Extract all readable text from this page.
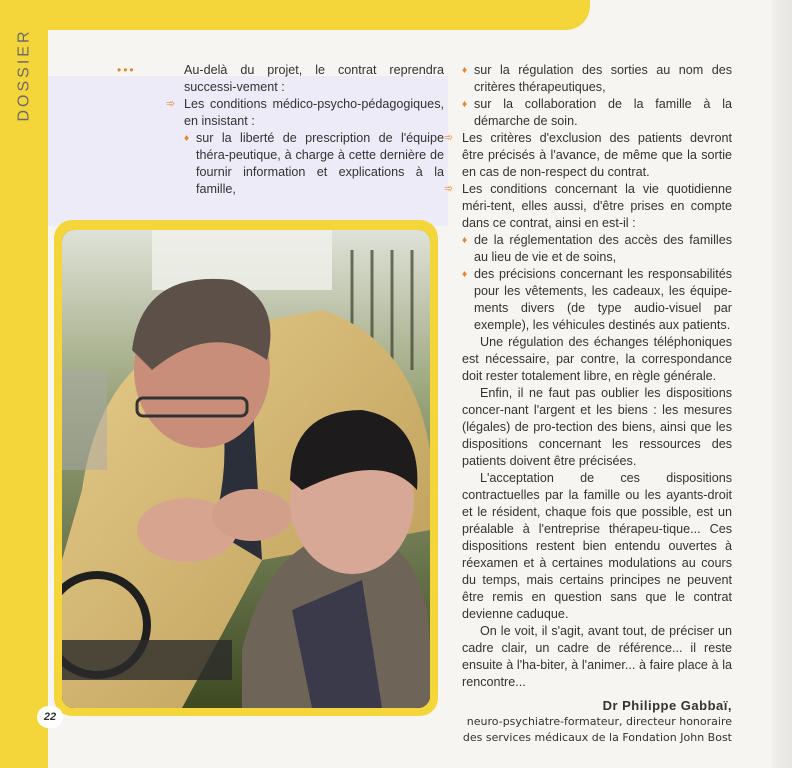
DOSSIER	•••	Au-delà du projet, le contrat reprendra successi-vement :

➾ Les conditions médico-psycho-pédagogiques, en insistant :

♦ sur la liberté de prescription de l'équipe théra-peutique, à charge à cette dernière de fournir information et explications à la famille,

♦ sur la régulation des sorties au nom des critères thérapeutiques,

♦ sur la collaboration de la famille à la démarche de soin.

➾ Les critères d'exclusion des patients devront être précisés à l'avance, de même que la sortie en cas de non-respect du contrat.

➾ Les conditions concernant la vie quotidienne méri-tent, elles aussi, d'être prises en compte dans ce contrat, ainsi en est-il :

♦ de la réglementation des accès des familles au lieu de vie et de soins,

♦ des précisions concernant les responsabilités pour les vêtements, les cadeaux, les équipe-ments divers (de type audio-visuel par exemple), les véhicules destinés aux patients.

Une régulation des échanges téléphoniques est nécessaire, par contre, la correspondance doit rester totalement libre, en règle générale.

Enfin, il ne faut pas oublier les dispositions concer-nant l'argent et les biens : les mesures (légales) de pro-tection des biens, ainsi que les dispositions concernant les ressources des patients doivent être précisées.

L'acceptation de ces dispositions contractuelles par la famille ou les ayants-droit et le résident, chaque fois que possible, est un préalable à l'entreprise thérapeu-tique... Ces dispositions restent bien entendu ouvertes à réexamen et à certaines modulations au cours du temps, mais certains principes ne peuvent être remis en question sans que le contrat devienne caduque.

On le voit, il s'agit, avant tout, de préciser un cadre clair, un cadre de référence... il reste ensuite à l'ha-biter, à l'animer... à faire place à la rencontre...

Dr Philippe Gabbaï,
neuro-psychiatre-formateur, directeur honoraire
des services médicaux de la Fondation John Bost
22
